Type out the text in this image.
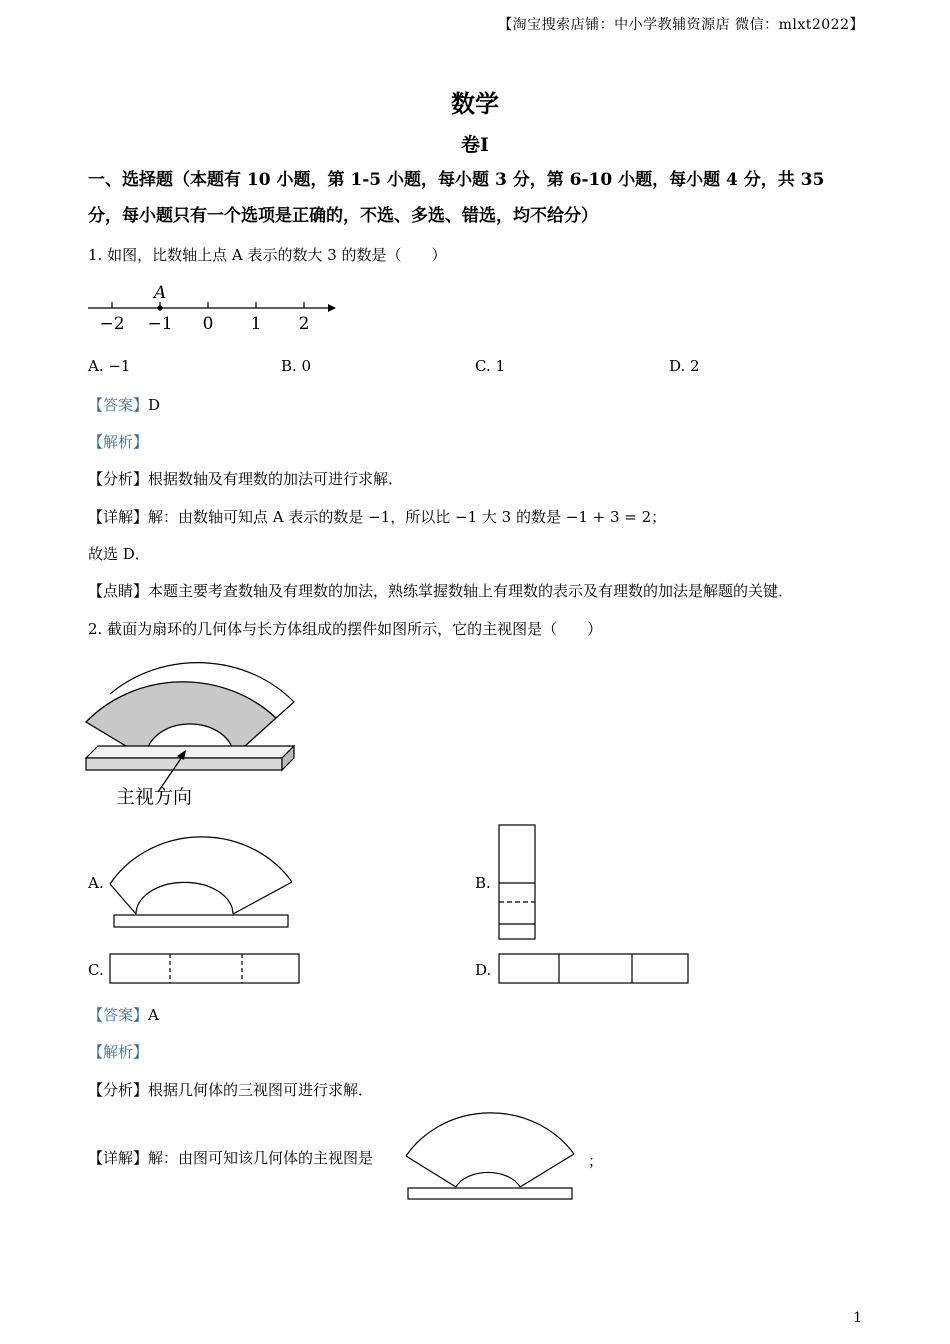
【淘宝搜索店铺：中小学教辅资源店 微信：mlxt2022】
数学
卷Ⅰ
一、选择题（本题有 10 小题，第 1-5 小题，每小题 3 分，第 6-10 小题，每小题 4 分，共 35
分，每小题只有一个选项是正确的，不选、多选、错选，均不给分）
1. 如图，比数轴上点 A 表示的数大 3 的数是（　　）
A
−2 −1 0 1 2
A. −1	B. 0	C. 1	D. 2
【答案】D
【解析】
【分析】根据数轴及有理数的加法可进行求解．
【详解】解：由数轴可知点 A 表示的数是 −1，所以比 −1 大 3 的数是 −1 + 3 = 2；
故选 D．
【点睛】本题主要考查数轴及有理数的加法，熟练掌握数轴上有理数的表示及有理数的加法是解题的关键．
2. 截面为扇环的几何体与长方体组成的摆件如图所示，它的主视图是（　　）
主视方向
A.	B.
C.	D.
【答案】A
【解析】
【分析】根据几何体的三视图可进行求解．
【详解】解：由图可知该几何体的主视图是	；
1
